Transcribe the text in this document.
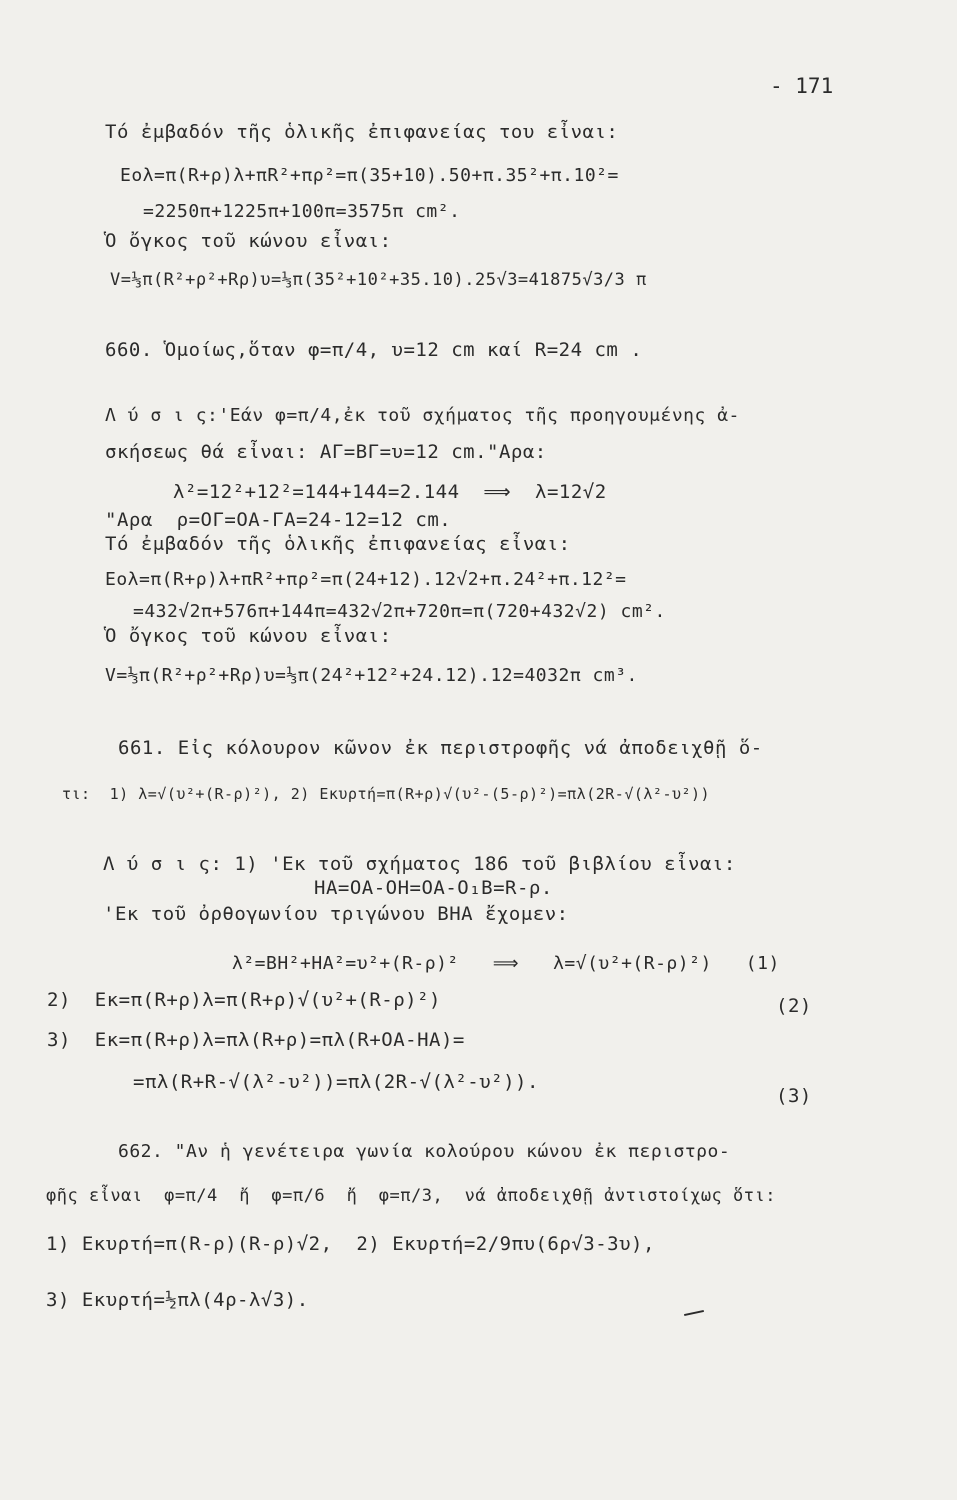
- 171
Τό ἐμβαδόν τῆς ὁλικῆς ἐπιφανείας του εἶναι:
Eολ=π(R+ρ)λ+πR²+πρ²=π(35+10).50+π.35²+π.10²=
=2250π+1225π+100π=3575π cm².
Ὁ ὄγκος τοῦ κώνου εἶναι:
V=⅓π(R²+ρ²+Rρ)υ=⅓π(35²+10²+35.10).25√3=41875√3/3 π
660. Ὁμοίως,ὅταν φ=π/4, υ=12 cm καί R=24 cm .
Λ ύ σ ι ς:'Εάν φ=π/4,ἐκ τοῦ σχήματος τῆς προηγουμένης ἀ-
σκήσεως θά εἶναι: ΑΓ=ΒΓ=υ=12 cm."Αρα:
λ²=12²+12²=144+144=2.144  ⟹  λ=12√2
"Αρα  ρ=ΟΓ=ΟΑ-ΓΑ=24-12=12 cm.
Τό ἐμβαδόν τῆς ὁλικῆς ἐπιφανείας εἶναι:
Eολ=π(R+ρ)λ+πR²+πρ²=π(24+12).12√2+π.24²+π.12²=
=432√2π+576π+144π=432√2π+720π=π(720+432√2) cm².
Ὁ ὄγκος τοῦ κώνου εἶναι:
V=⅓π(R²+ρ²+Rρ)υ=⅓π(24²+12²+24.12).12=4032π cm³.
661. Εἰς κόλουρον κῶνον ἐκ περιστροφῆς νά ἀποδειχθῇ ὅ-
τι:  1) λ=√(υ²+(R-ρ)²), 2) Eκυρτή=π(R+ρ)√(υ²-(5-ρ)²)=πλ(2R-√(λ²-υ²))
Λ ύ σ ι ς: 1) 'Εκ τοῦ σχήματος 186 τοῦ βιβλίου εἶναι:
ΗΑ=ΟΑ-ΟΗ=ΟΑ-Ο₁Β=R-ρ.
'Εκ τοῦ ὀρθογωνίου τριγώνου ΒΗΑ ἔχομεν:
λ²=ΒΗ²+ΗΑ²=υ²+(R-ρ)²   ⟹   λ=√(υ²+(R-ρ)²)   (1)
2)  Eκ=π(R+ρ)λ=π(R+ρ)√(υ²+(R-ρ)²)	(2)
3)  Eκ=π(R+ρ)λ=πλ(R+ρ)=πλ(R+ΟΑ-ΗΑ)=
=πλ(R+R-√(λ²-υ²))=πλ(2R-√(λ²-υ²)).
(3)
662. "Αν ἡ γενέτειρα γωνία κολούρου κώνου ἐκ περιστρο-
φῆς εἶναι  φ=π/4  ἤ  φ=π/6  ἤ  φ=π/3,  νά ἀποδειχθῇ ἀντιστοίχως ὅτι:
1) Eκυρτή=π(R-ρ)(R-ρ)√2,  2) Eκυρτή=2/9πυ(6ρ√3-3υ),
3) Eκυρτή=½πλ(4ρ-λ√3).
